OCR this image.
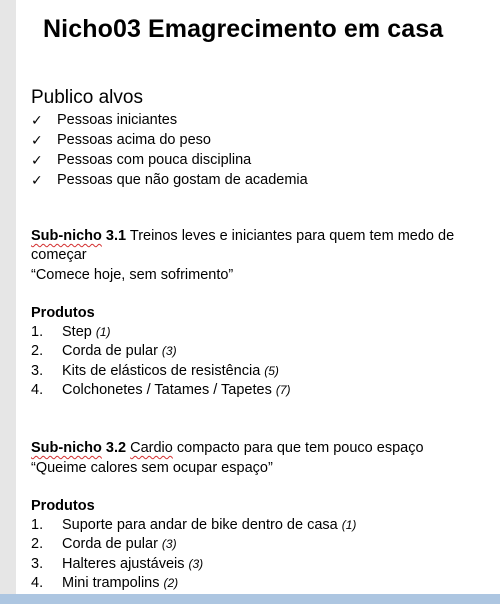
Nicho03 Emagrecimento em casa
Publico alvos
✓ Pessoas iniciantes
✓ Pessoas acima do peso
✓ Pessoas com pouca disciplina
✓ Pessoas que não gostam de academia
Sub-nicho 3.1 Treinos leves e iniciantes para quem tem medo de
começar
“Comece hoje, sem sofrimento”
Produtos
1.	Step (1)
2.	Corda de pular (3)
3.	Kits de elásticos de resistência (5)
4.	Colchonetes / Tatames / Tapetes (7)
Sub-nicho 3.2 Cardio compacto para que tem pouco espaço
“Queime calores sem ocupar espaço”
Produtos
1.	Suporte para andar de bike dentro de casa (1)
2.	Corda de pular (3)
3.	Halteres ajustáveis (3)
4.	Mini trampolins (2)
